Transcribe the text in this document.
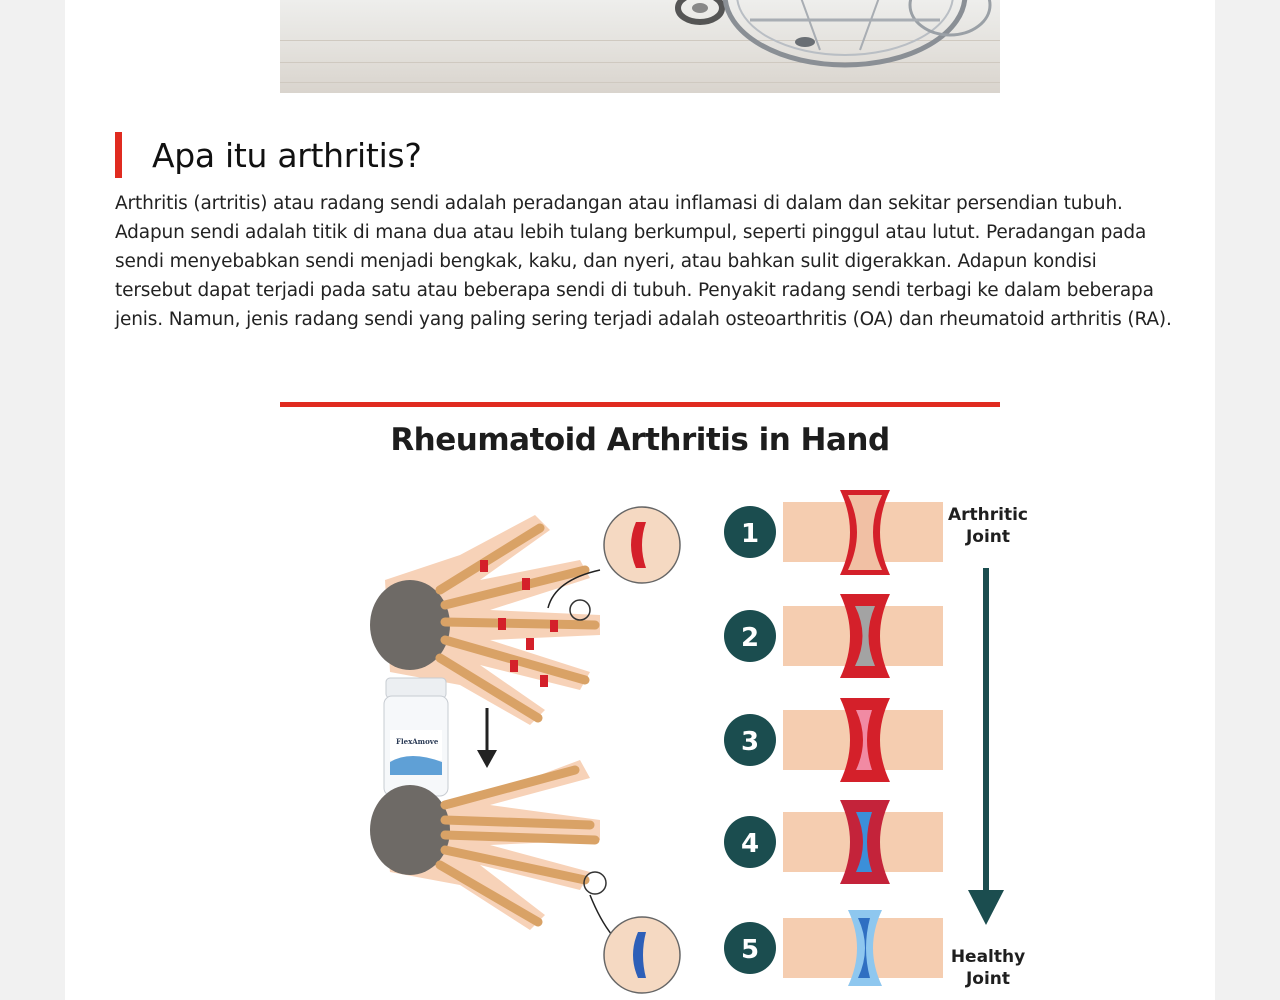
Apa itu arthritis?

Arthritis (artritis) atau radang sendi adalah peradangan atau inflamasi di dalam dan sekitar persendian tubuh. Adapun sendi adalah titik di mana dua atau lebih tulang berkumpul, seperti pinggul atau lutut. Peradangan pada sendi menyebabkan sendi menjadi bengkak, kaku, dan nyeri, atau bahkan sulit digerakkan. Adapun kondisi tersebut dapat terjadi pada satu atau beberapa sendi di tubuh. Penyakit radang sendi terbagi ke dalam beberapa jenis. Namun, jenis radang sendi yang paling sering terjadi adalah osteoarthritis (OA) dan rheumatoid arthritis (RA).

Rheumatoid Arthritis in Hand
FlexAmove
1
2
3
4
5
Arthritic
Joint
Healthy
Joint
